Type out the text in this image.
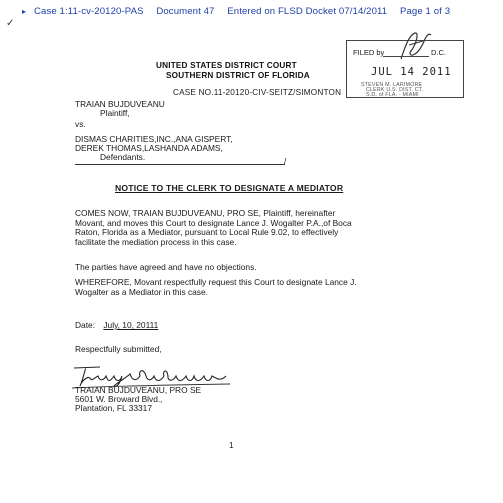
✓
▸ Case 1:11-cv-20120-PAS Document 47 Entered on FLSD Docket 07/14/2011 Page 1 of 3
UNITED STATES DISTRICT COURT
SOUTHERN DISTRICT OF FLORIDA
CASE NO.11-20120-CIV-SEITZ/SIMONTON
FILED by	D.C.
JUL 14 2011
STEVEN M. LARIMORE
CLERK U.S. DIST. CT.
S.D. of FLA. - MIAMI
TRAIAN BUJDUVEANU
Plaintiff,
vs.
DISMAS CHARITIES,INC.,ANA GISPERT,
DEREK THOMAS,LASHANDA ADAMS,
Defendants.	/
NOTICE TO THE CLERK TO DESIGNATE A MEDIATOR
COMES NOW, TRAIAN BUJDUVEANU, PRO SE, Plaintiff, hereinafter
Movant, and moves this Court to designate Lance J. Wogalter P.A.,of Boca
Raton, Florida as a Mediator, pursuant to Local Rule 9.02, to effectively
facilitate the mediation process in this case.
The parties have agreed and have no objections.
WHEREFORE, Movant respectfully request this Court to designate Lance J.
Wogalter as a Mediator in this case.
Date: July, 10, 20111
Respectfully submitted,
TRAIAN BUJDUVEANU, PRO SE
5601 W. Broward Blvd.,
Plantation, FL 33317
1
